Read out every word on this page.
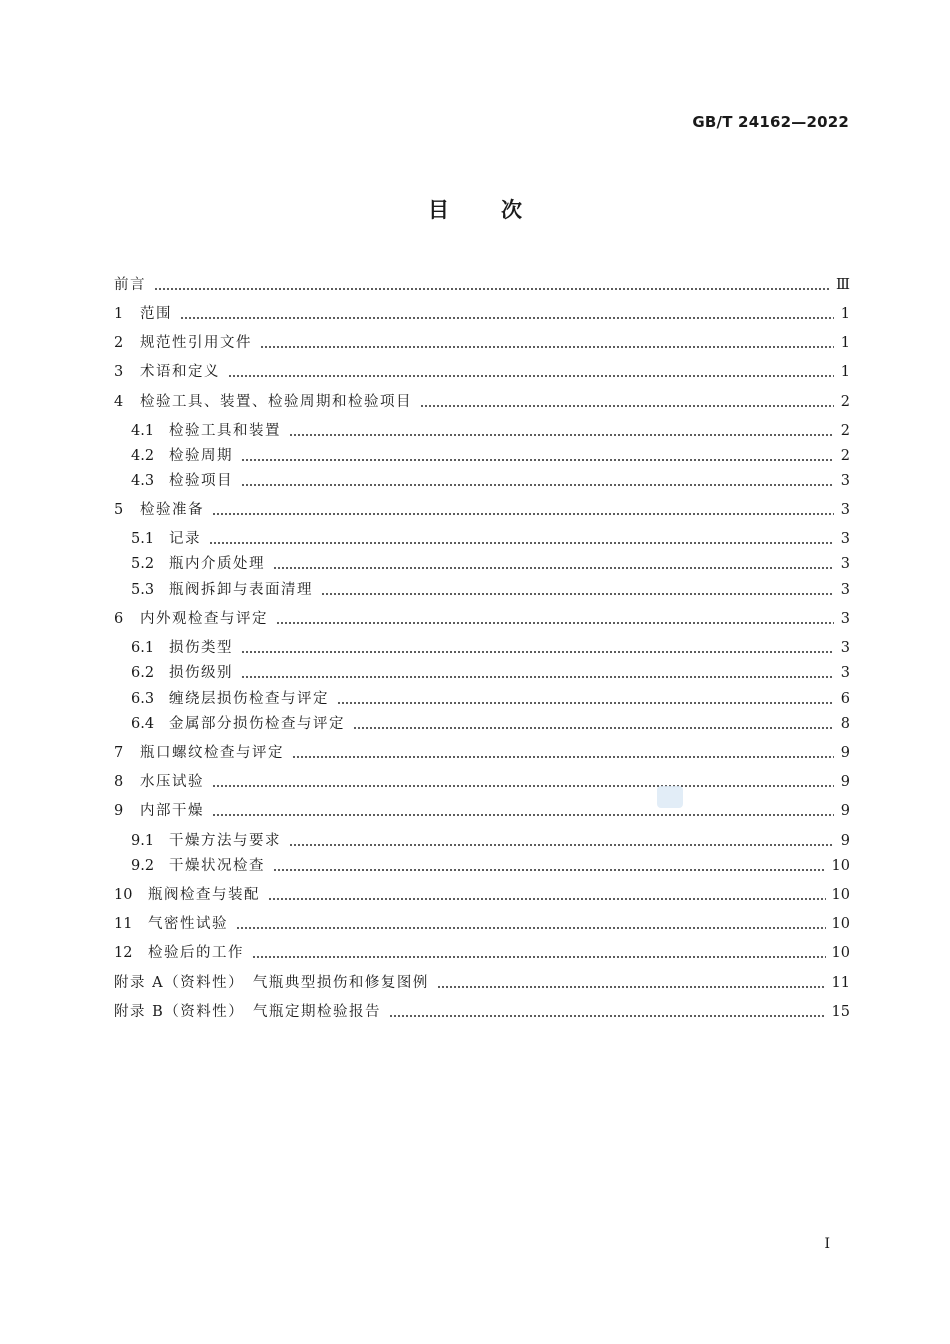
GB/T 24162—2022
目 次
前言	Ⅲ
1	范围	1
2	规范性引用文件	1
3	术语和定义	1
4	检验工具、装置、检验周期和检验项目	2
4.1	检验工具和装置	2
4.2	检验周期	2
4.3	检验项目	3
5	检验准备	3
5.1	记录	3
5.2	瓶内介质处理	3
5.3	瓶阀拆卸与表面清理	3
6	内外观检查与评定	3
6.1	损伤类型	3
6.2	损伤级别	3
6.3	缠绕层损伤检查与评定	6
6.4	金属部分损伤检查与评定	8
7	瓶口螺纹检查与评定	9
8	水压试验	9
9	内部干燥	9
9.1	干燥方法与要求	9
9.2	干燥状况检查	10
10	瓶阀检查与装配	10
11	气密性试验	10
12	检验后的工作	10
附录 A（资料性）　气瓶典型损伤和修复图例	11
附录 B（资料性）　气瓶定期检验报告	15
Ⅰ
